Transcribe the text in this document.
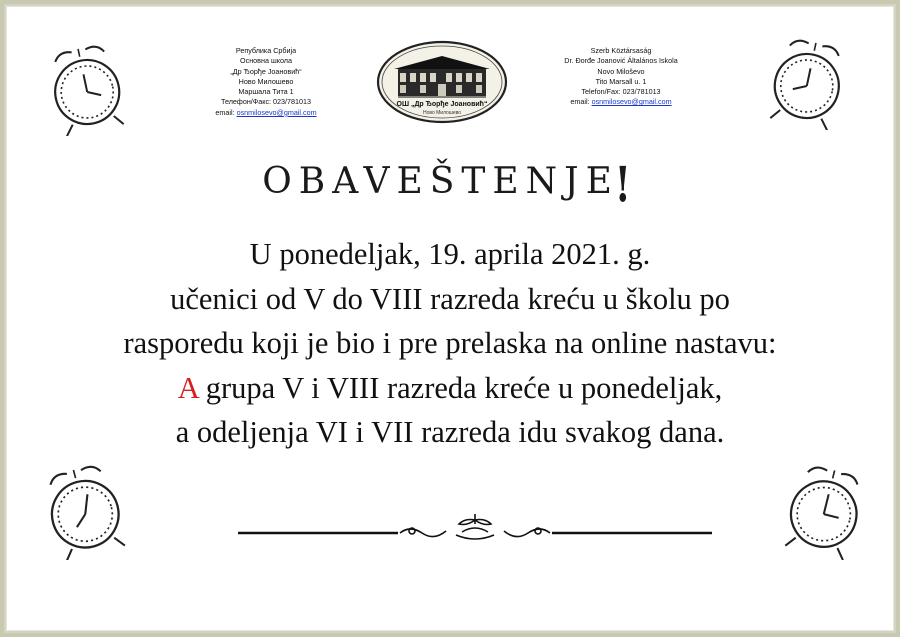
Република Србија
Основна школа
„Др Ђорђе Јоановић“
Ново Милошево
Маршала Тита 1
Телефон/Факс: 023/781013
email: osnmilosevo@gmail.com
Szerb Köztársaság
Dr. Đorđe Joanović Általános Iskola
Novo Miloševo
Tito Marsall u. 1
Telefon/Fax: 023/781013
email: osnmilosevo@gmail.com
ОШ „Др Ђорђе Јоановић“
Ново Милошево
OBAVEŠTENJE!
U ponedeljak, 19. aprila 2021. g.
učenici od V do VIII razreda kreću u školu po
rasporedu koji je bio i pre prelaska na online nastavu:
A grupa V i VIII razreda kreće u ponedeljak,
a odeljenja VI i VII razreda idu svakog dana.
